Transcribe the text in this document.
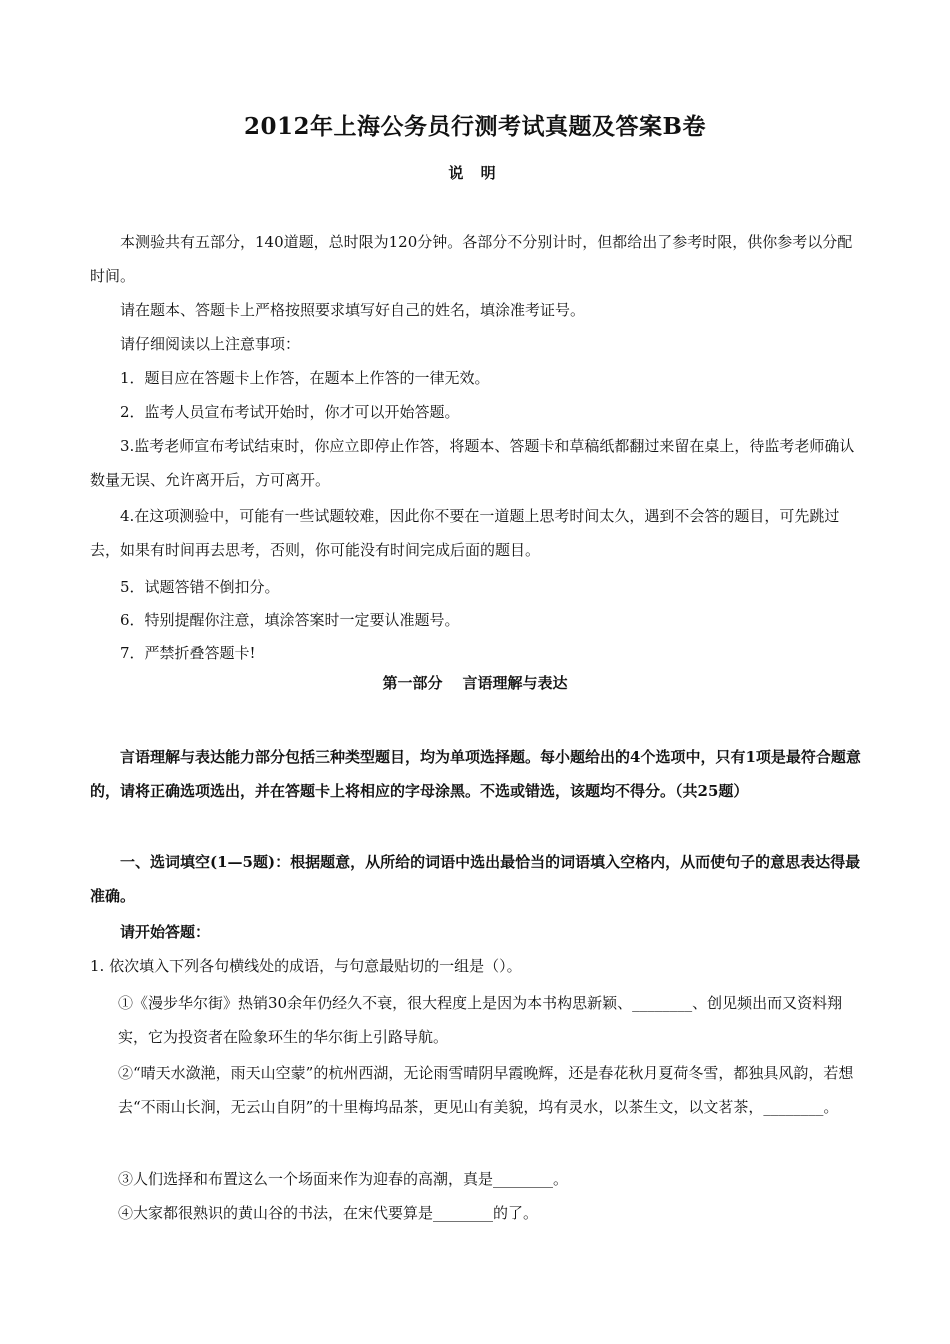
2012年上海公务员行测考试真题及答案B卷
说 明
本测验共有五部分，140道题，总时限为120分钟。各部分不分别计时，但都给出了参考时限，供你参考以分配时间。
请在题本、答题卡上严格按照要求填写好自己的姓名，填涂准考证号。
请仔细阅读以上注意事项：
1．题目应在答题卡上作答，在题本上作答的一律无效。
2．监考人员宣布考试开始时，你才可以开始答题。
3.监考老师宣布考试结束时，你应立即停止作答，将题本、答题卡和草稿纸都翻过来留在桌上，待监考老师确认数量无误、允许离开后，方可离开。
4.在这项测验中，可能有一些试题较难，因此你不要在一道题上思考时间太久，遇到不会答的题目，可先跳过去，如果有时间再去思考，否则，你可能没有时间完成后面的题目。
5．试题答错不倒扣分。
6．特别提醒你注意，填涂答案时一定要认准题号。
7．严禁折叠答题卡!
第一部分 言语理解与表达
言语理解与表达能力部分包括三种类型题目，均为单项选择题。每小题给出的4个选项中，只有1项是最符合题意的，请将正确选项选出，并在答题卡上将相应的字母涂黑。不选或错选，该题均不得分。（共25题）
一、选词填空(1—5题)：根据题意，从所给的词语中选出最恰当的词语填入空格内，从而使句子的意思表达得最准确。
请开始答题：
1. 依次填入下列各句横线处的成语，与句意最贴切的一组是（）。
①《漫步华尔街》热销30余年仍经久不衰，很大程度上是因为本书构思新颖、________、创见频出而又资料翔实，它为投资者在险象环生的华尔街上引路导航。
②“晴天水潋滟，雨天山空蒙”的杭州西湖，无论雨雪晴阴早霞晚辉，还是春花秋月夏荷冬雪，都独具风韵，若想去“不雨山长涧，无云山自阴”的十里梅坞品茶，更见山有美貌，坞有灵水，以茶生文，以文茗茶，________。
③人们选择和布置这么一个场面来作为迎春的高潮，真是________。
④大家都很熟识的黄山谷的书法，在宋代要算是________的了。
